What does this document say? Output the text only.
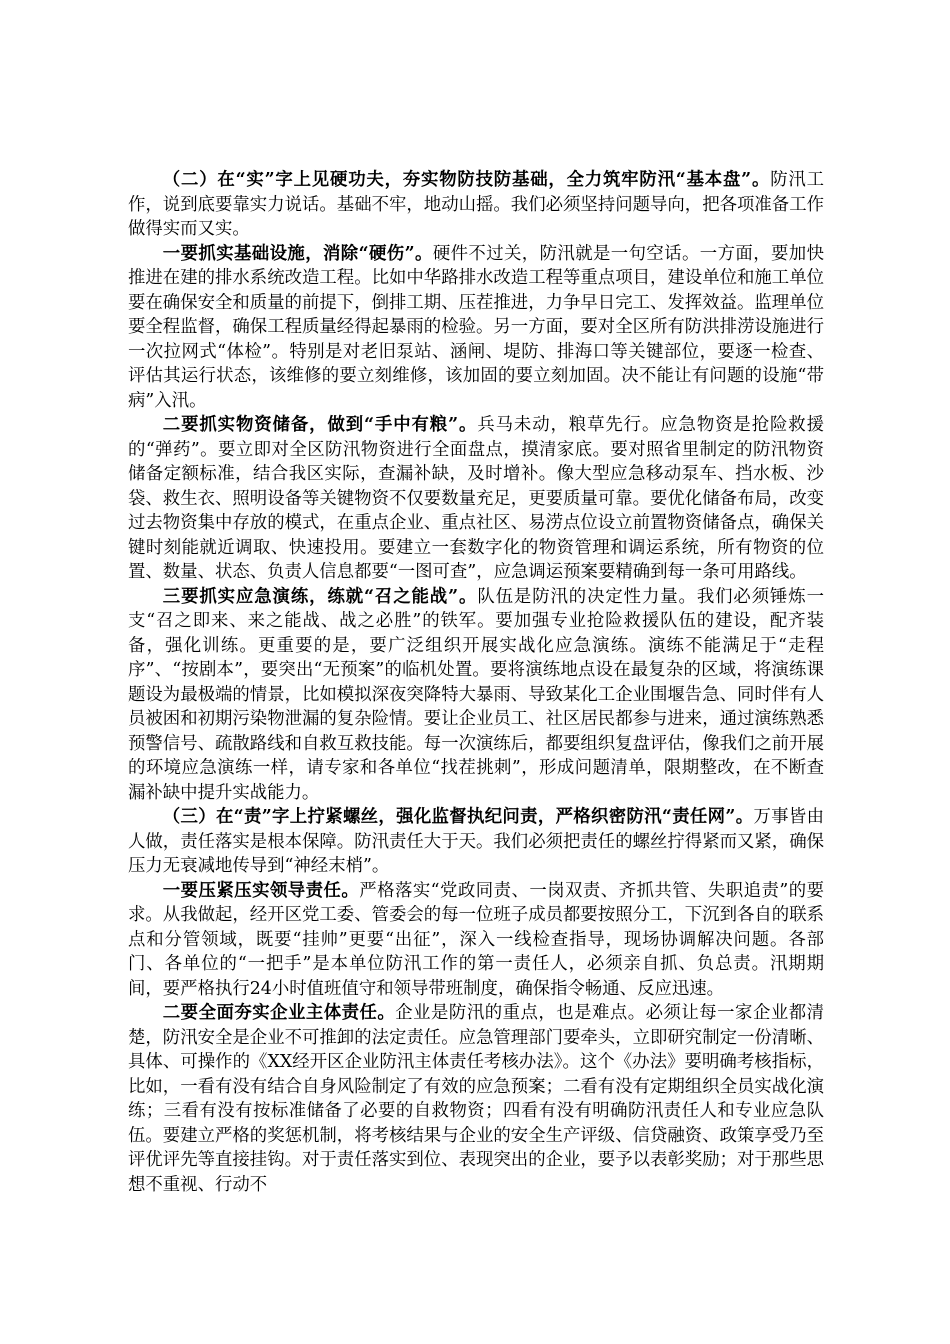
（二）在“实”字上见硬功夫，夯实物防技防基础，全力筑牢防汛“基本盘”。防汛工作，说到底要靠实力说话。基础不牢，地动山摇。我们必须坚持问题导向，把各项准备工作做得实而又实。

一要抓实基础设施，消除“硬伤”。硬件不过关，防汛就是一句空话。一方面，要加快推进在建的排水系统改造工程。比如中华路排水改造工程等重点项目，建设单位和施工单位要在确保安全和质量的前提下，倒排工期、压茬推进，力争早日完工、发挥效益。监理单位要全程监督，确保工程质量经得起暴雨的检验。另一方面，要对全区所有防洪排涝设施进行一次拉网式“体检”。特别是对老旧泵站、涵闸、堤防、排海口等关键部位，要逐一检查、评估其运行状态，该维修的要立刻维修，该加固的要立刻加固。决不能让有问题的设施“带病”入汛。

二要抓实物资储备，做到“手中有粮”。兵马未动，粮草先行。应急物资是抢险救援的“弹药”。要立即对全区防汛物资进行全面盘点，摸清家底。要对照省里制定的防汛物资储备定额标准，结合我区实际，查漏补缺，及时增补。像大型应急移动泵车、挡水板、沙袋、救生衣、照明设备等关键物资不仅要数量充足，更要质量可靠。要优化储备布局，改变过去物资集中存放的模式，在重点企业、重点社区、易涝点位设立前置物资储备点，确保关键时刻能就近调取、快速投用。要建立一套数字化的物资管理和调运系统，所有物资的位置、数量、状态、负责人信息都要“一图可查”，应急调运预案要精确到每一条可用路线。

三要抓实应急演练，练就“召之能战”。队伍是防汛的决定性力量。我们必须锤炼一支“召之即来、来之能战、战之必胜”的铁军。要加强专业抢险救援队伍的建设，配齐装备，强化训练。更重要的是，要广泛组织开展实战化应急演练。演练不能满足于“走程序”、“按剧本”，要突出“无预案”的临机处置。要将演练地点设在最复杂的区域，将演练课题设为最极端的情景，比如模拟深夜突降特大暴雨、导致某化工企业围堰告急、同时伴有人员被困和初期污染物泄漏的复杂险情。要让企业员工、社区居民都参与进来，通过演练熟悉预警信号、疏散路线和自救互救技能。每一次演练后，都要组织复盘评估，像我们之前开展的环境应急演练一样，请专家和各单位“找茬挑刺”，形成问题清单，限期整改，在不断查漏补缺中提升实战能力。

（三）在“责”字上拧紧螺丝，强化监督执纪问责，严格织密防汛“责任网”。万事皆由人做，责任落实是根本保障。防汛责任大于天。我们必须把责任的螺丝拧得紧而又紧，确保压力无衰减地传导到“神经末梢”。

一要压紧压实领导责任。严格落实“党政同责、一岗双责、齐抓共管、失职追责”的要求。从我做起，经开区党工委、管委会的每一位班子成员都要按照分工，下沉到各自的联系点和分管领域，既要“挂帅”更要“出征”，深入一线检查指导，现场协调解决问题。各部门、各单位的“一把手”是本单位防汛工作的第一责任人，必须亲自抓、负总责。汛期期间，要严格执行24小时值班值守和领导带班制度，确保指令畅通、反应迅速。

二要全面夯实企业主体责任。企业是防汛的重点，也是难点。必须让每一家企业都清楚，防汛安全是企业不可推卸的法定责任。应急管理部门要牵头，立即研究制定一份清晰、具体、可操作的《XX经开区企业防汛主体责任考核办法》。这个《办法》要明确考核指标，比如，一看有没有结合自身风险制定了有效的应急预案；二看有没有定期组织全员实战化演练；三看有没有按标准储备了必要的自救物资；四看有没有明确防汛责任人和专业应急队伍。要建立严格的奖惩机制，将考核结果与企业的安全生产评级、信贷融资、政策享受乃至评优评先等直接挂钩。对于责任落实到位、表现突出的企业，要予以表彰奖励；对于那些思想不重视、行动不
